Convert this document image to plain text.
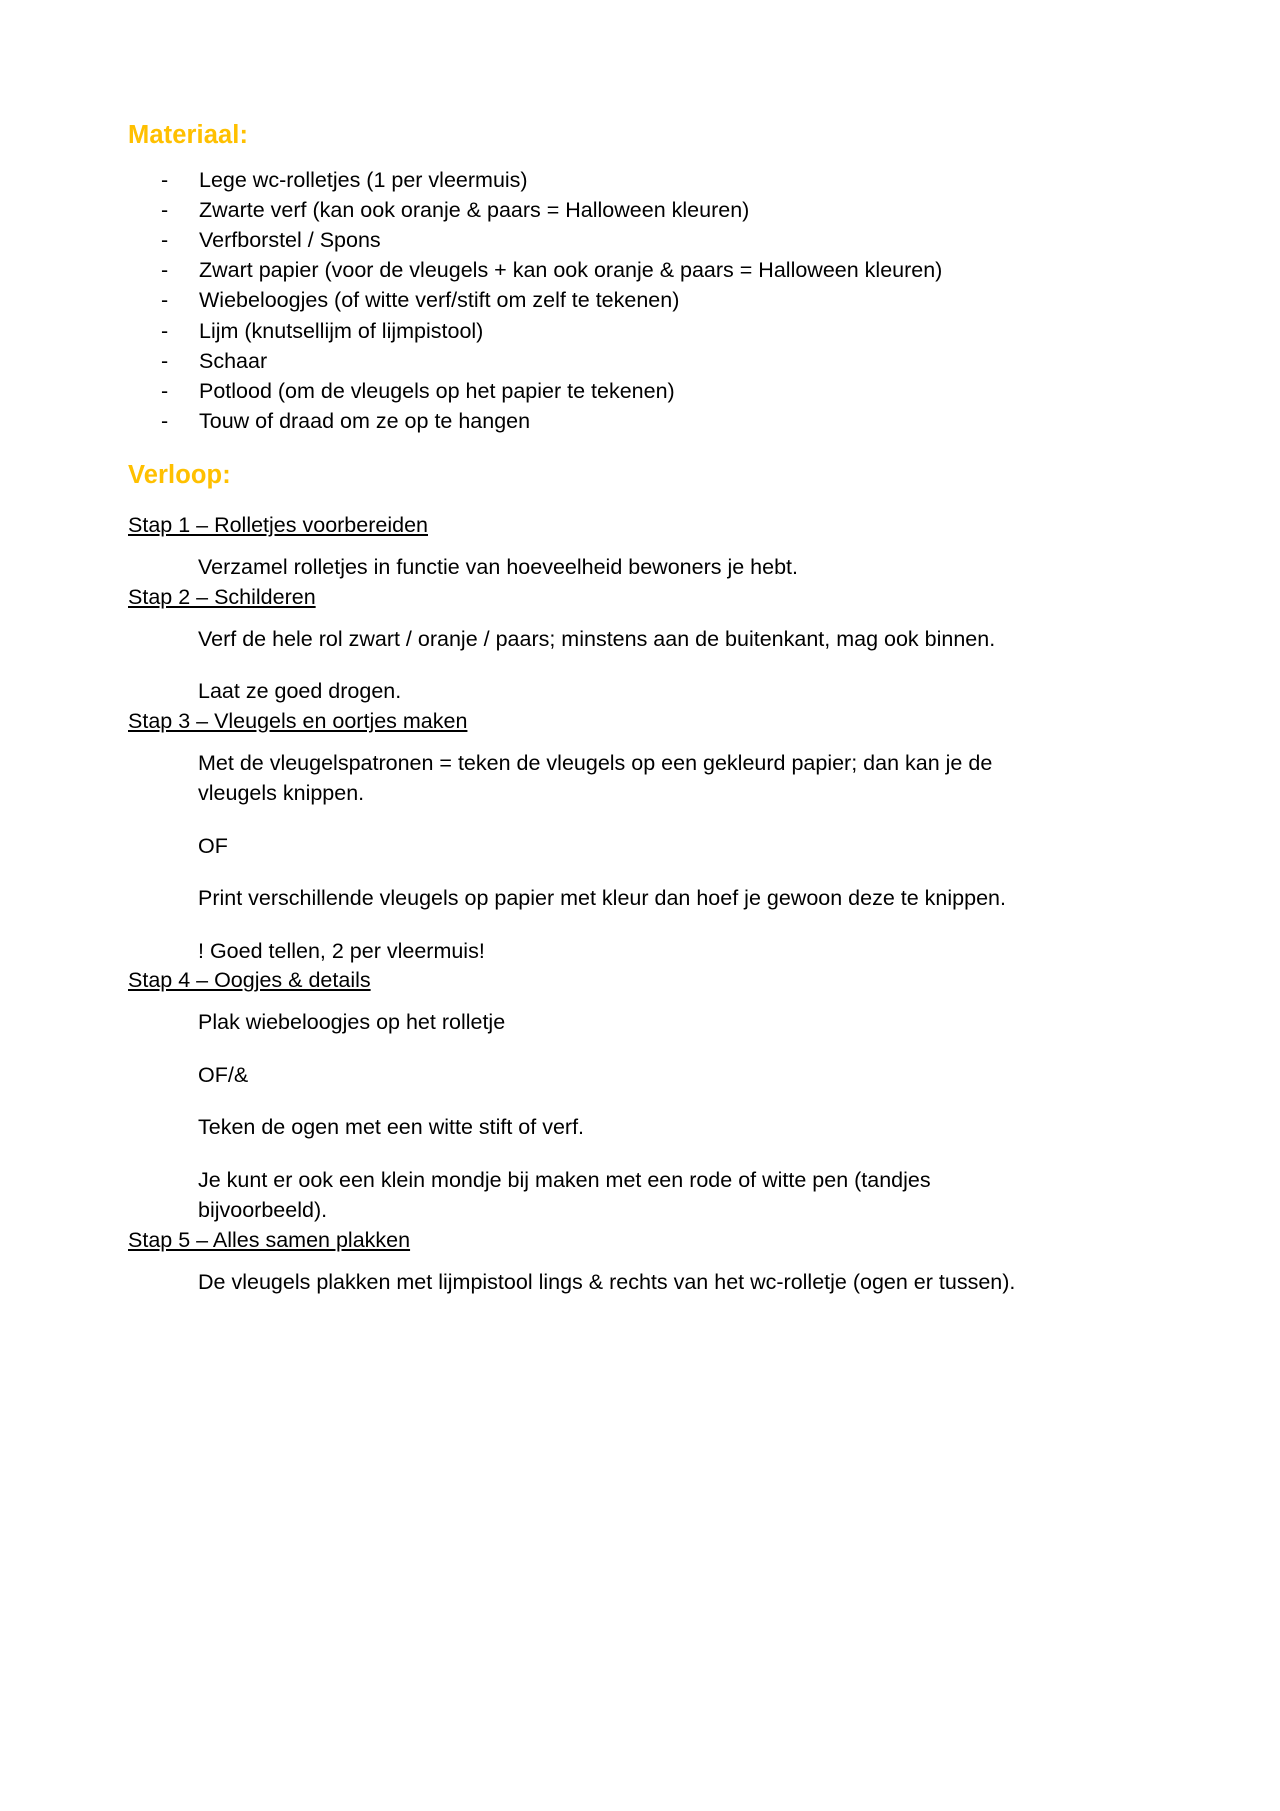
Materiaal:
-	Lege wc-rolletjes (1 per vleermuis)
-	Zwarte verf (kan ook oranje & paars = Halloween kleuren)
-	Verfborstel / Spons
-	Zwart papier (voor de vleugels + kan ook oranje & paars = Halloween kleuren)
-	Wiebeloogjes (of witte verf/stift om zelf te tekenen)
-	Lijm (knutsellijm of lijmpistool)
-	Schaar
-	Potlood (om de vleugels op het papier te tekenen)
-	Touw of draad om ze op te hangen
Verloop:
Stap 1 – Rolletjes voorbereiden

Verzamel rolletjes in functie van hoeveelheid bewoners je hebt.

Stap 2 – Schilderen

Verf de hele rol zwart / oranje / paars; minstens aan de buitenkant, mag ook binnen.

Laat ze goed drogen.

Stap 3 – Vleugels en oortjes maken

Met de vleugelspatronen = teken de vleugels op een gekleurd papier; dan kan je de vleugels knippen.

OF

Print verschillende vleugels op papier met kleur dan hoef je gewoon deze te knippen.

! Goed tellen, 2 per vleermuis!

Stap 4 – Oogjes & details

Plak wiebeloogjes op het rolletje

OF/&

Teken de ogen met een witte stift of verf.

Je kunt er ook een klein mondje bij maken met een rode of witte pen (tandjes bijvoorbeeld).

Stap 5 – Alles samen plakken

De vleugels plakken met lijmpistool lings & rechts van het wc-rolletje (ogen er tussen).
